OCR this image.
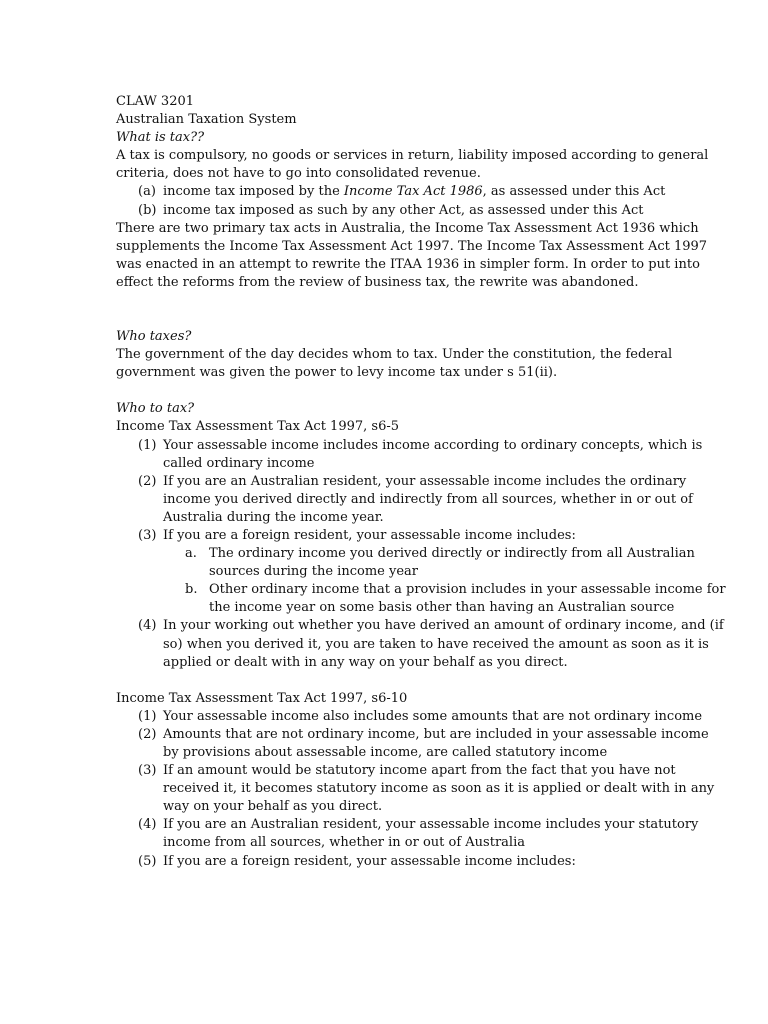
CLAW 3201

Australian Taxation System

What is tax??

A tax is compulsory, no goods or services in return, liability imposed according to general criteria, does not have to go into consolidated revenue.

(a) income tax imposed by the Income Tax Act 1986, as assessed under this Act
(b) income tax imposed as such by any other Act, as assessed under this Act

There are two primary tax acts in Australia, the Income Tax Assessment Act 1936 which supplements the Income Tax Assessment Act 1997. The Income Tax Assessment Act 1997 was enacted in an attempt to rewrite the ITAA 1936 in simpler form. In order to put into effect the reforms from the review of business tax, the rewrite was abandoned.

Who taxes?

The government of the day decides whom to tax. Under the constitution, the federal government was given the power to levy income tax under s 51(ii).

Who to tax?

Income Tax Assessment Tax Act 1997, s6-5

(1) Your assessable income includes income according to ordinary concepts, which is called ordinary income
(2) If you are an Australian resident, your assessable income includes the ordinary income you derived directly and indirectly from all sources, whether in or out of Australia during the income year.
(3) If you are a foreign resident, your assessable income includes:
a. The ordinary income you derived directly or indirectly from all Australian sources during the income year
b. Other ordinary income that a provision includes in your assessable income for the income year on some basis other than having an Australian source
(4) In your working out whether you have derived an amount of ordinary income, and (if so) when you derived it, you are taken to have received the amount as soon as it is applied or dealt with in any way on your behalf as you direct.

Income Tax Assessment Tax Act 1997, s6-10

(1) Your assessable income also includes some amounts that are not ordinary income
(2) Amounts that are not ordinary income, but are included in your assessable income by provisions about assessable income, are called statutory income
(3) If an amount would be statutory income apart from the fact that you have not received it, it becomes statutory income as soon as it is applied or dealt with in any way on your behalf as you direct.
(4) If you are an Australian resident, your assessable income includes your statutory income from all sources, whether in or out of Australia
(5) If you are a foreign resident, your assessable income includes:
